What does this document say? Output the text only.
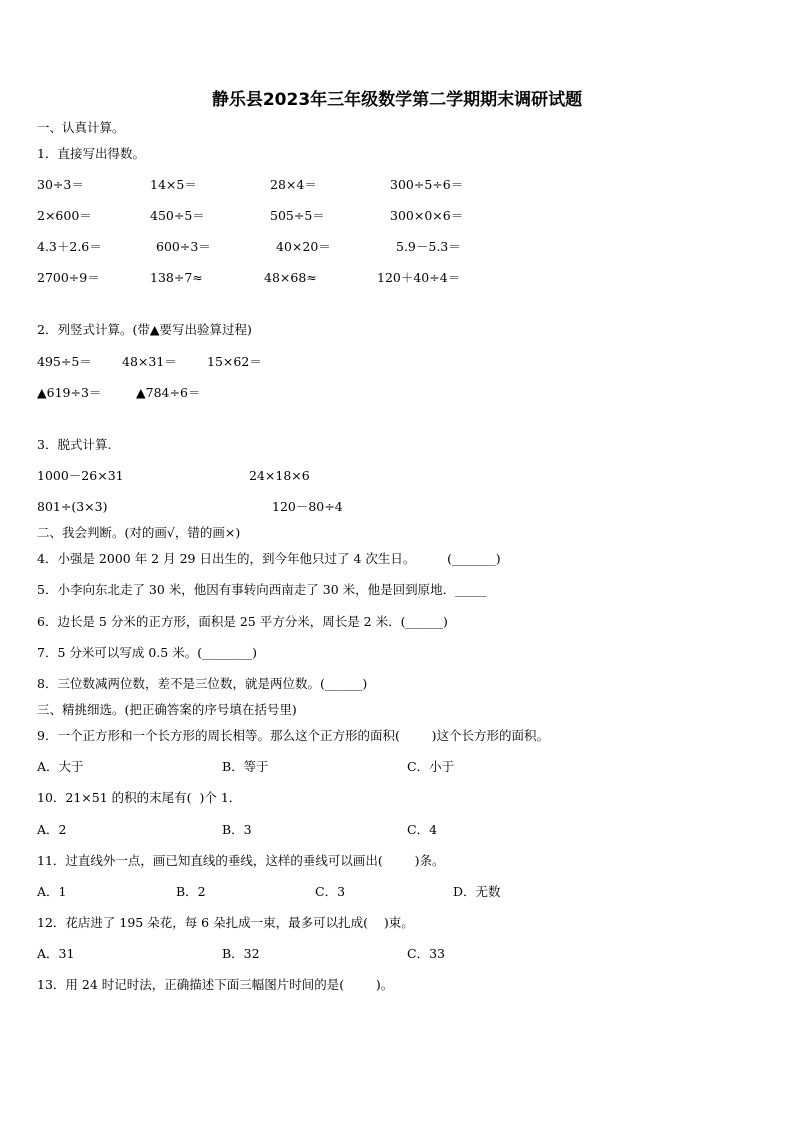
静乐县2023年三年级数学第二学期期末调研试题
一、认真计算。
1．直接写出得数。
30÷3＝	14×5＝	28×4＝	300÷5÷6＝
2×600＝	450÷5＝	505÷5＝	300×0×6＝
4.3＋2.6＝	600÷3＝	40×20＝	5.9－5.3＝
2700÷9＝	138÷7≈	48×68≈	120＋40÷4＝
2．列竖式计算。(带▲要写出验算过程)
495÷5＝ 48×31＝ 15×62＝
▲619÷3＝	▲784÷6＝
3．脱式计算.
1000－26×31	24×18×6
801÷(3×3)	120－80÷4
二、我会判断。(对的画√，错的画×)
4．小强是 2000 年 2 月 29 日出生的，到今年他只过了 4 次生日。        (_______)
5．小李向东北走了 30 米，他因有事转向西南走了 30 米，他是回到原地．_____
6．边长是 5 分米的正方形，面积是 25 平方分米，周长是 2 米．(______)
7．5 分米可以写成 0.5 米。(________)
8．三位数减两位数，差不是三位数，就是两位数。(______)
三、精挑细选。(把正确答案的序号填在括号里)
9．一个正方形和一个长方形的周长相等。那么这个正方形的面积(        )这个长方形的面积。
A．大于	B．等于	C．小于
10．21×51 的积的末尾有(  )个 1．
A．2	B．3	C．4
11．过直线外一点，画已知直线的垂线，这样的垂线可以画出(        )条。
A．1	B．2	C．3	D．无数
12．花店进了 195 朵花，每 6 朵扎成一束，最多可以扎成(    )束。
A．31	B．32	C．33
13．用 24 时记时法，正确描述下面三幅图片时间的是(        )。
